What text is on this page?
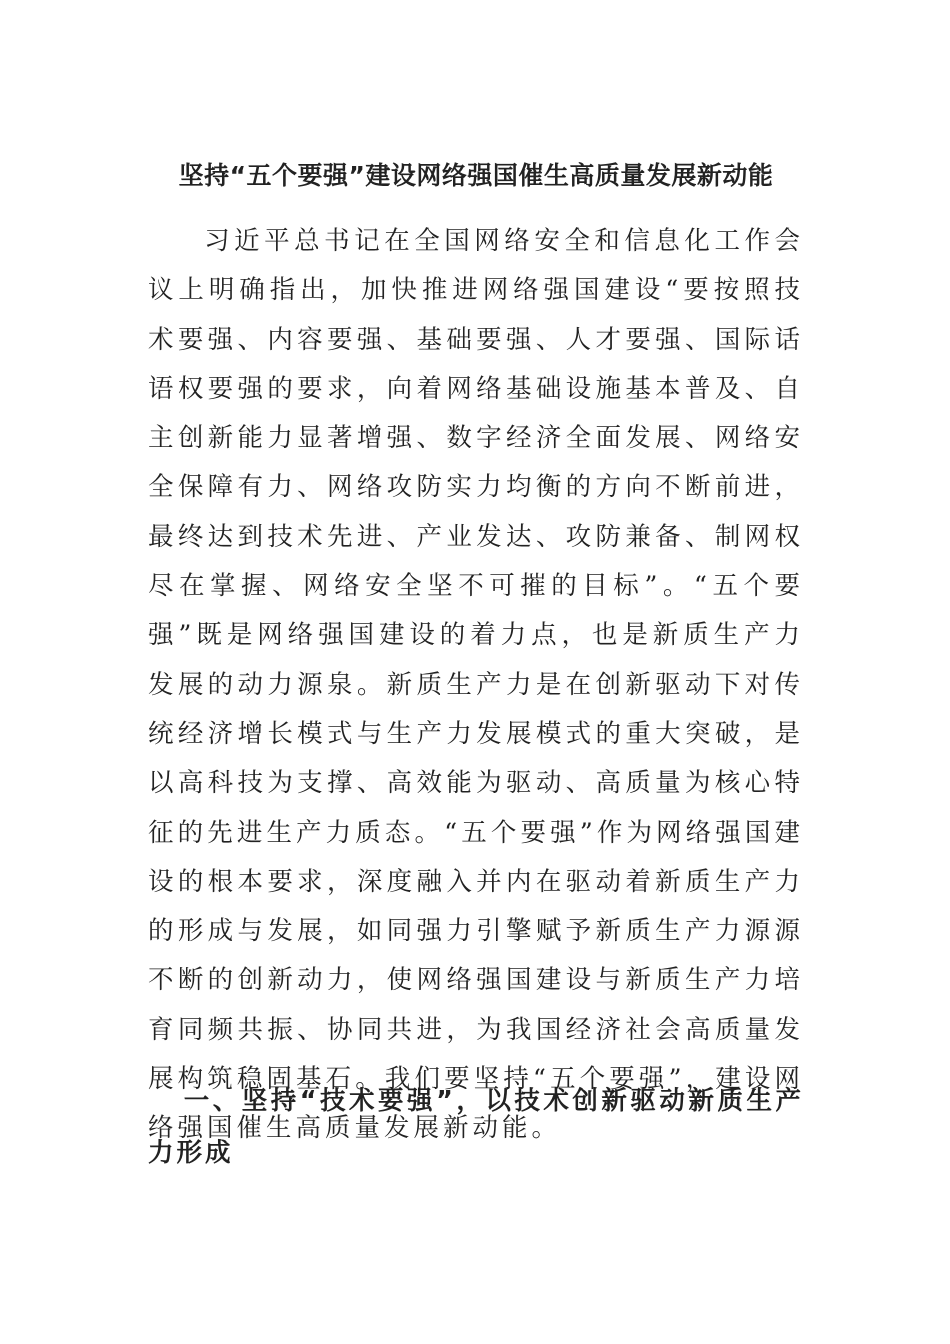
坚持“五个要强”建设网络强国催生高质量发展新动能

习近平总书记在全国网络安全和信息化工作会议上明确指出，加快推进网络强国建设“要按照技术要强、内容要强、基础要强、人才要强、国际话语权要强的要求，向着网络基础设施基本普及、自主创新能力显著增强、数字经济全面发展、网络安全保障有力、网络攻防实力均衡的方向不断前进，最终达到技术先进、产业发达、攻防兼备、制网权尽在掌握、网络安全坚不可摧的目标”。“五个要强”既是网络强国建设的着力点，也是新质生产力发展的动力源泉。新质生产力是在创新驱动下对传统经济增长模式与生产力发展模式的重大突破，是以高科技为支撑、高效能为驱动、高质量为核心特征的先进生产力质态。“五个要强”作为网络强国建设的根本要求，深度融入并内在驱动着新质生产力的形成与发展，如同强力引擎赋予新质生产力源源不断的创新动力，使网络强国建设与新质生产力培育同频共振、协同共进，为我国经济社会高质量发展构筑稳固基石。我们要坚持“五个要强”，建设网络强国催生高质量发展新动能。

一、坚持“技术要强”，以技术创新驱动新质生产力形成
